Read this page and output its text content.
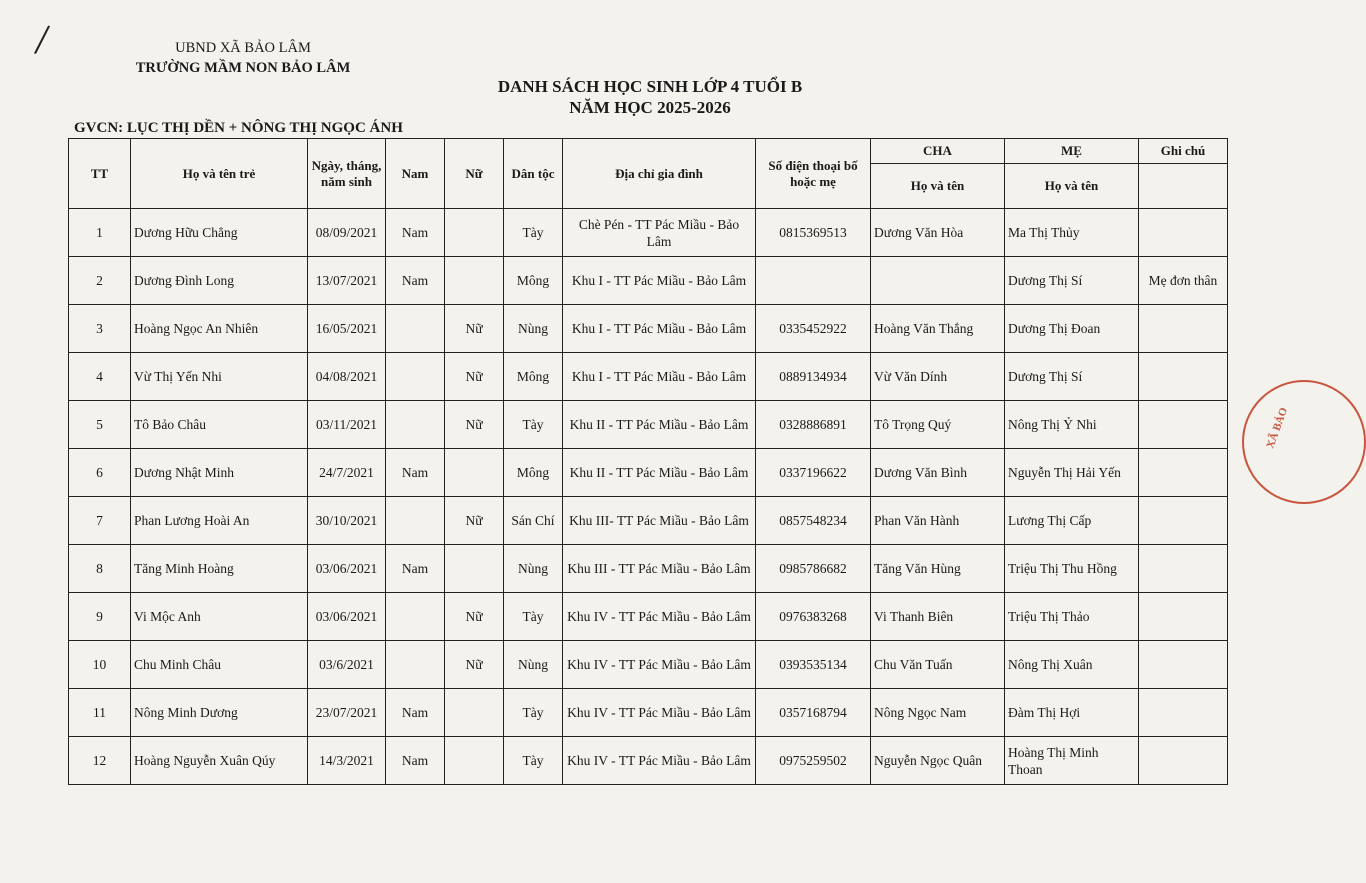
/	UBND XÃ BẢO LÂM
TRƯỜNG MẦM NON BẢO LÂM
DANH SÁCH HỌC SINH LỚP 4 TUỔI B
NĂM HỌC 2025-2026
GVCN: LỤC THỊ DỀN + NÔNG THỊ NGỌC ÁNH
TT	Họ và tên trẻ	Ngày, tháng, năm sinh	Nam	Nữ	Dân tộc	Địa chỉ gia đình	Số điện thoại bố hoặc mẹ	CHA	MẸ	Ghi chú
								Họ và tên	Họ và tên	
1	Dương Hữu Chẳng	08/09/2021	Nam		Tày	Chè Pén - TT Pác Miầu - Bảo Lâm	0815369513	Dương Văn Hòa	Ma Thị Thủy	
2	Dương Đình Long	13/07/2021	Nam		Mông	Khu I - TT Pác Miầu - Bảo Lâm			Dương Thị Sí	Mẹ đơn thân
3	Hoàng Ngọc An Nhiên	16/05/2021		Nữ	Nùng	Khu I - TT Pác Miầu - Bảo Lâm	0335452922	Hoàng Văn Thắng	Dương Thị Đoan	
4	Vừ Thị Yến Nhi	04/08/2021		Nữ	Mông	Khu I - TT Pác Miầu - Bảo Lâm	0889134934	Vừ Văn Dính	Dương Thị Sí	
5	Tô Bảo Châu	03/11/2021		Nữ	Tày	Khu II - TT Pác Miầu - Bảo Lâm	0328886891	Tô Trọng Quý	Nông Thị Ỷ Nhi	
6	Dương Nhật Minh	24/7/2021	Nam		Mông	Khu II - TT Pác Miầu - Bảo Lâm	0337196622	Dương Văn Bình	Nguyễn Thị Hải Yến	
7	Phan Lương Hoài An	30/10/2021		Nữ	Sán Chí	Khu III- TT Pác Miầu - Bảo Lâm	0857548234	Phan Văn Hành	Lương Thị Cấp	
8	Tăng Minh Hoàng	03/06/2021	Nam		Nùng	Khu III - TT Pác Miầu - Bảo Lâm	0985786682	Tăng Văn Hùng	Triệu Thị Thu Hồng	
9	Vi Mộc Anh	03/06/2021		Nữ	Tày	Khu IV - TT Pác Miầu - Bảo Lâm	0976383268	Vi Thanh Biên	Triệu Thị Thảo	
10	Chu Minh Châu	03/6/2021		Nữ	Nùng	Khu IV - TT Pác Miầu - Bảo Lâm	0393535134	Chu Văn Tuấn	Nông Thị Xuân	
11	Nông Minh Dương	23/07/2021	Nam		Tày	Khu IV - TT Pác Miầu - Bảo Lâm	0357168794	Nông Ngọc Nam	Đàm Thị Hợi	
12	Hoàng Nguyễn Xuân Qúy	14/3/2021	Nam		Tày	Khu IV - TT Pác Miầu - Bảo Lâm	0975259502	Nguyễn Ngọc Quân	Hoàng Thị Minh Thoan	
XÃ BẢO
